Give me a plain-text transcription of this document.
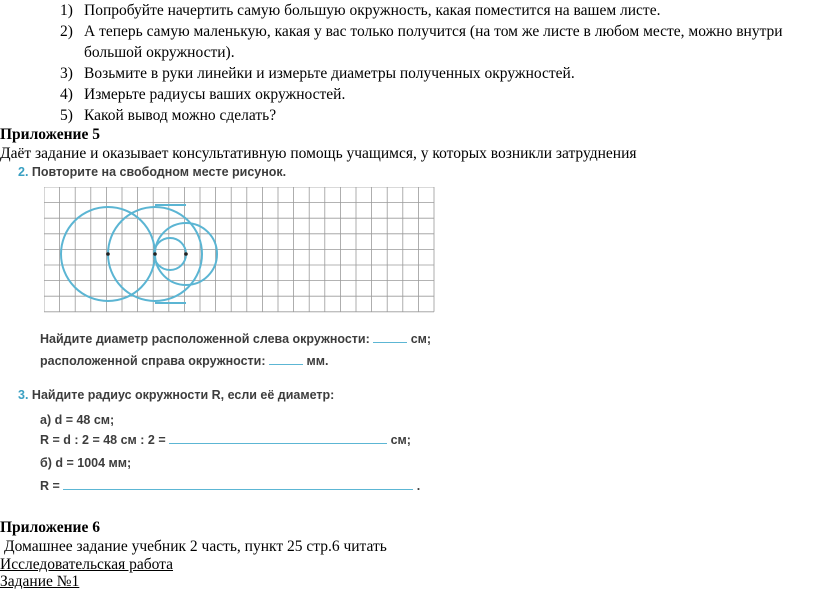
1) Попробуйте начертить самую большую окружность, какая поместится на вашем листе.
2) А теперь самую маленькую, какая у вас только получится (на том же листе в любом месте, можно внутри большой окружности).
3) Возьмите в руки линейки и измерьте диаметры полученных окружностей.
4) Измерьте радиусы ваших окружностей.
5) Какой вывод можно сделать?
Приложение 5
Даёт задание и оказывает консультативную помощь учащимся, у которых возникли затруднения
2. Повторите на свободном месте рисунок.
Найдите диаметр расположенной слева окружности:	см;
расположенной справа окружности:	мм.
3. Найдите радиус окружности R, если её диаметр:
а) d = 48 см;
R = d : 2 = 48 см : 2 =	см;
б) d = 1004 мм;
R =	.
Приложение 6
Домашнее задание учебник 2 часть, пункт 25 стр.6 читать
Исследовательская работа
Задание №1
